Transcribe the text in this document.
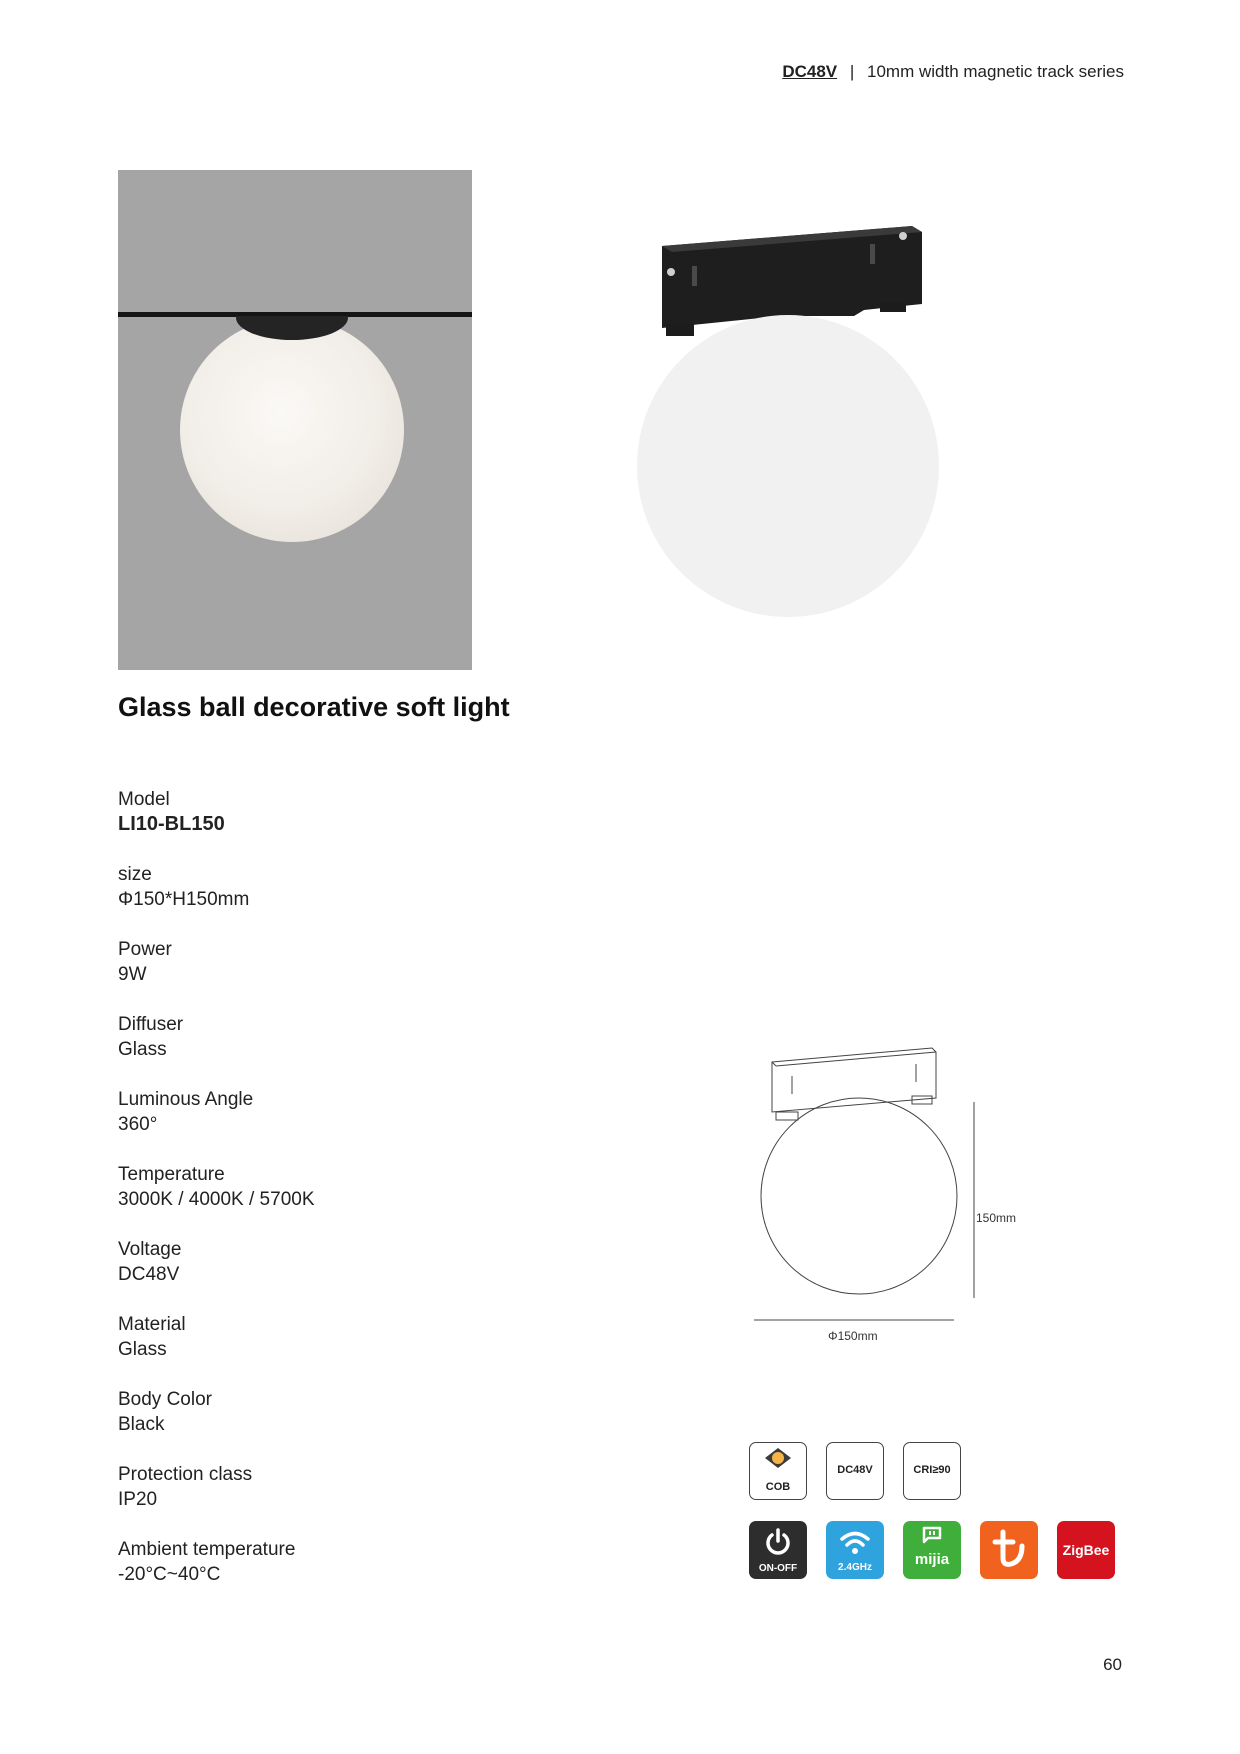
DC48V | 10mm width magnetic track series
Glass ball decorative soft light
Model
LI10-BL150
size
Φ150*H150mm
Power
9W
Diffuser
Glass
Luminous Angle
360°
Temperature
3000K / 4000K / 5700K
Voltage
DC48V
Material
Glass
Body Color
Black
Protection class
IP20
Ambient temperature
-20°C~40°C
150mm
Φ150mm
COB
DC48V	CRI≥90
ON-OFF	2.4GHz	mijia
ZigBee
60
